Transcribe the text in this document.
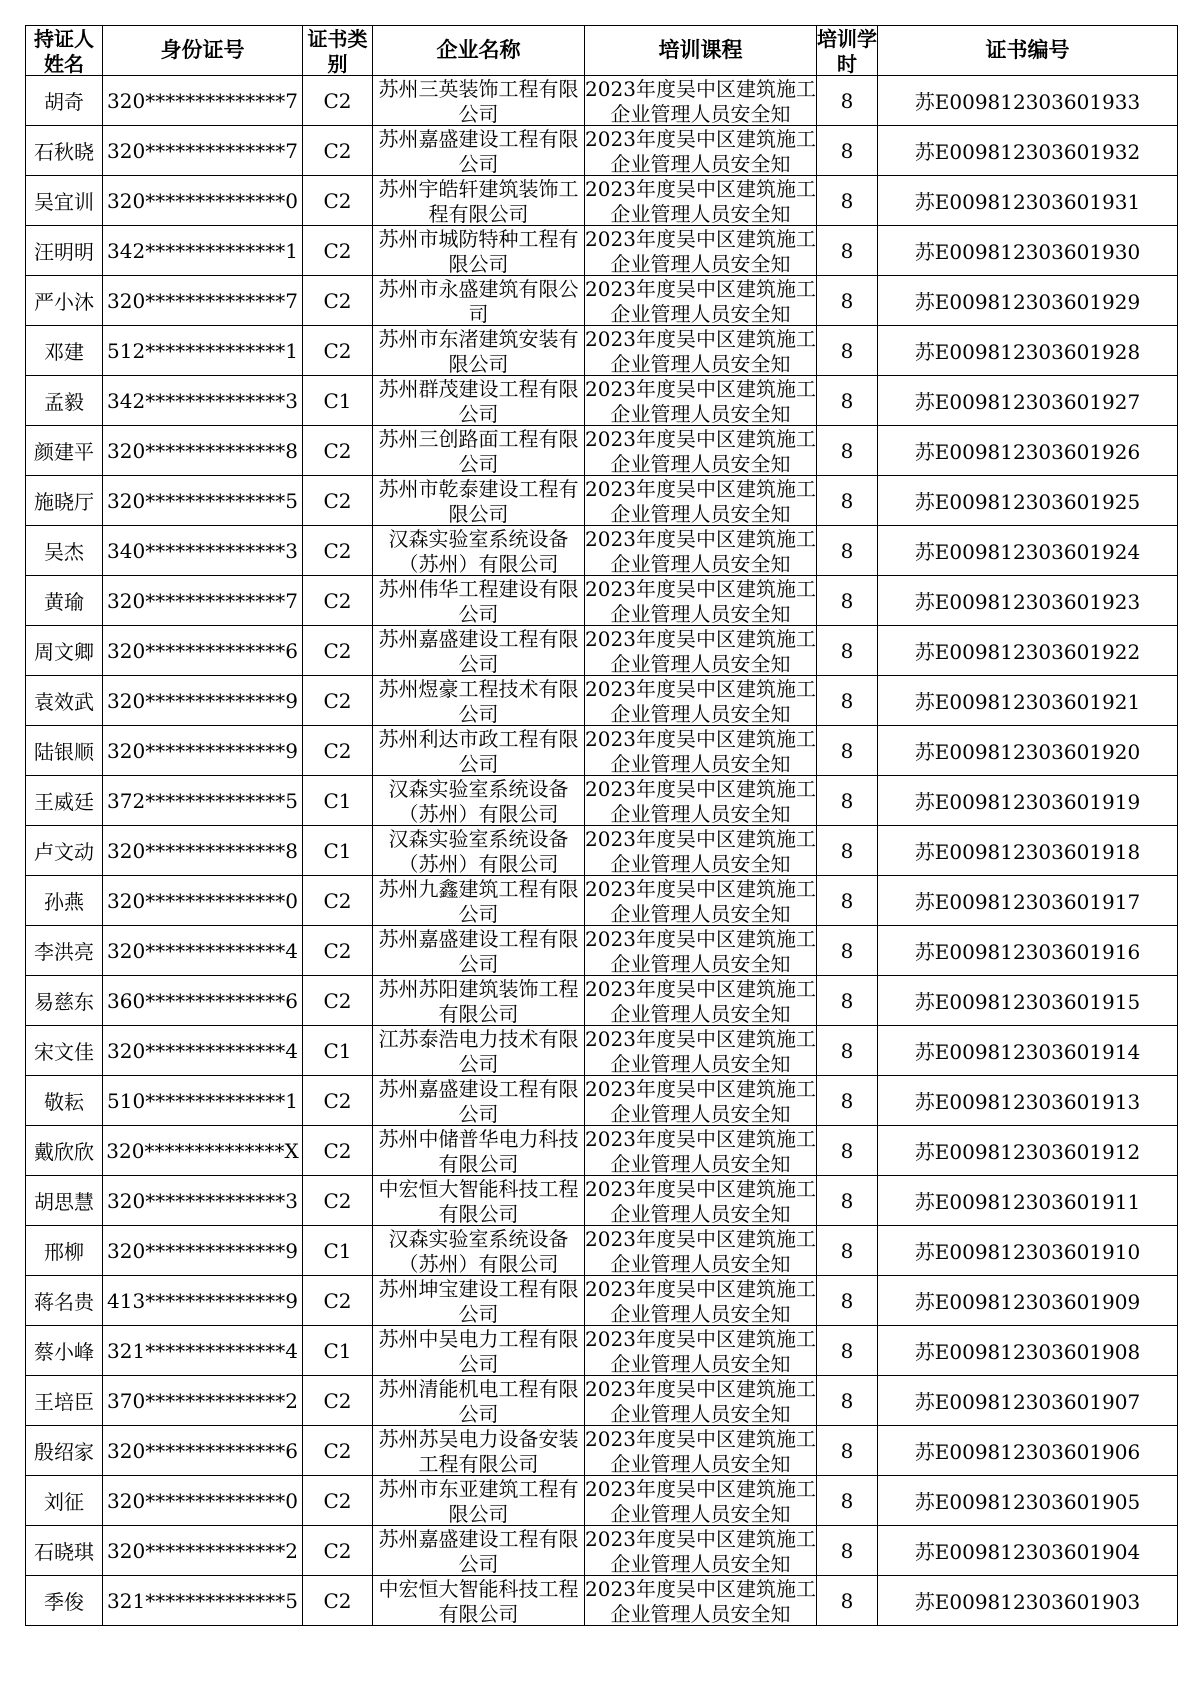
持证人姓名	身份证号	证书类别	企业名称	培训课程	培训学时	证书编号
胡奇	320**************7	C2	苏州三英装饰工程有限公司	2023年度吴中区建筑施工企业管理人员安全知	8	苏E009812303601933
石秋晓	320**************7	C2	苏州嘉盛建设工程有限公司	2023年度吴中区建筑施工企业管理人员安全知	8	苏E009812303601932
吴宜训	320**************0	C2	苏州宇皓轩建筑装饰工程有限公司	2023年度吴中区建筑施工企业管理人员安全知	8	苏E009812303601931
汪明明	342**************1	C2	苏州市城防特种工程有限公司	2023年度吴中区建筑施工企业管理人员安全知	8	苏E009812303601930
严小沐	320**************7	C2	苏州市永盛建筑有限公司	2023年度吴中区建筑施工企业管理人员安全知	8	苏E009812303601929
邓建	512**************1	C2	苏州市东渚建筑安装有限公司	2023年度吴中区建筑施工企业管理人员安全知	8	苏E009812303601928
孟毅	342**************3	C1	苏州群茂建设工程有限公司	2023年度吴中区建筑施工企业管理人员安全知	8	苏E009812303601927
颜建平	320**************8	C2	苏州三创路面工程有限公司	2023年度吴中区建筑施工企业管理人员安全知	8	苏E009812303601926
施晓厅	320**************5	C2	苏州市乾泰建设工程有限公司	2023年度吴中区建筑施工企业管理人员安全知	8	苏E009812303601925
吴杰	340**************3	C2	汉森实验室系统设备（苏州）有限公司	2023年度吴中区建筑施工企业管理人员安全知	8	苏E009812303601924
黄瑜	320**************7	C2	苏州伟华工程建设有限公司	2023年度吴中区建筑施工企业管理人员安全知	8	苏E009812303601923
周文卿	320**************6	C2	苏州嘉盛建设工程有限公司	2023年度吴中区建筑施工企业管理人员安全知	8	苏E009812303601922
袁效武	320**************9	C2	苏州煜豪工程技术有限公司	2023年度吴中区建筑施工企业管理人员安全知	8	苏E009812303601921
陆银顺	320**************9	C2	苏州利达市政工程有限公司	2023年度吴中区建筑施工企业管理人员安全知	8	苏E009812303601920
王威廷	372**************5	C1	汉森实验室系统设备（苏州）有限公司	2023年度吴中区建筑施工企业管理人员安全知	8	苏E009812303601919
卢文动	320**************8	C1	汉森实验室系统设备（苏州）有限公司	2023年度吴中区建筑施工企业管理人员安全知	8	苏E009812303601918
孙燕	320**************0	C2	苏州九鑫建筑工程有限公司	2023年度吴中区建筑施工企业管理人员安全知	8	苏E009812303601917
李洪亮	320**************4	C2	苏州嘉盛建设工程有限公司	2023年度吴中区建筑施工企业管理人员安全知	8	苏E009812303601916
易慈东	360**************6	C2	苏州苏阳建筑装饰工程有限公司	2023年度吴中区建筑施工企业管理人员安全知	8	苏E009812303601915
宋文佳	320**************4	C1	江苏泰浩电力技术有限公司	2023年度吴中区建筑施工企业管理人员安全知	8	苏E009812303601914
敬耘	510**************1	C2	苏州嘉盛建设工程有限公司	2023年度吴中区建筑施工企业管理人员安全知	8	苏E009812303601913
戴欣欣	320**************X	C2	苏州中储普华电力科技有限公司	2023年度吴中区建筑施工企业管理人员安全知	8	苏E009812303601912
胡思慧	320**************3	C2	中宏恒大智能科技工程有限公司	2023年度吴中区建筑施工企业管理人员安全知	8	苏E009812303601911
邢柳	320**************9	C1	汉森实验室系统设备（苏州）有限公司	2023年度吴中区建筑施工企业管理人员安全知	8	苏E009812303601910
蒋名贵	413**************9	C2	苏州坤宝建设工程有限公司	2023年度吴中区建筑施工企业管理人员安全知	8	苏E009812303601909
蔡小峰	321**************4	C1	苏州中吴电力工程有限公司	2023年度吴中区建筑施工企业管理人员安全知	8	苏E009812303601908
王培臣	370**************2	C2	苏州清能机电工程有限公司	2023年度吴中区建筑施工企业管理人员安全知	8	苏E009812303601907
殷绍家	320**************6	C2	苏州苏吴电力设备安装工程有限公司	2023年度吴中区建筑施工企业管理人员安全知	8	苏E009812303601906
刘征	320**************0	C2	苏州市东亚建筑工程有限公司	2023年度吴中区建筑施工企业管理人员安全知	8	苏E009812303601905
石晓琪	320**************2	C2	苏州嘉盛建设工程有限公司	2023年度吴中区建筑施工企业管理人员安全知	8	苏E009812303601904
季俊	321**************5	C2	中宏恒大智能科技工程有限公司	2023年度吴中区建筑施工企业管理人员安全知	8	苏E009812303601903
